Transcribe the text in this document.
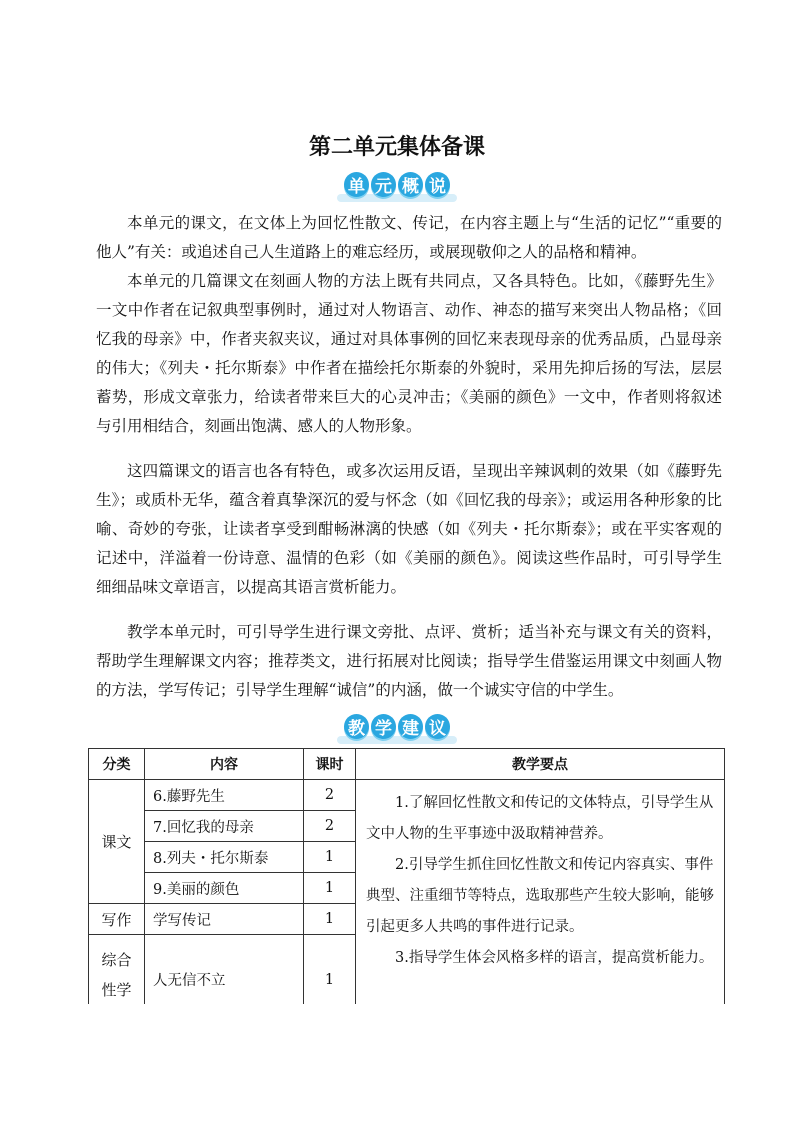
第二单元集体备课
单 元 概 说

本单元的课文，在文体上为回忆性散文、传记，在内容主题上与“生活的记忆”“重要的他人”有关：或追述自己人生道路上的难忘经历，或展现敬仰之人的品格和精神。

本单元的几篇课文在刻画人物的方法上既有共同点，又各具特色。比如，《藤野先生》一文中作者在记叙典型事例时，通过对人物语言、动作、神态的描写来突出人物品格；《回忆我的母亲》中，作者夹叙夹议，通过对具体事例的回忆来表现母亲的优秀品质，凸显母亲的伟大；《列夫・托尔斯泰》中作者在描绘托尔斯泰的外貌时，采用先抑后扬的写法，层层蓄势，形成文章张力，给读者带来巨大的心灵冲击；《美丽的颜色》一文中，作者则将叙述与引用相结合，刻画出饱满、感人的人物形象。

这四篇课文的语言也各有特色，或多次运用反语，呈现出辛辣讽刺的效果（如《藤野先生》；或质朴无华，蕴含着真挚深沉的爱与怀念（如《回忆我的母亲》；或运用各种形象的比喻、奇妙的夸张，让读者享受到酣畅淋漓的快感（如《列夫・托尔斯泰》；或在平实客观的记述中，洋溢着一份诗意、温情的色彩（如《美丽的颜色》。阅读这些作品时，可引导学生细细品味文章语言，以提高其语言赏析能力。

教学本单元时，可引导学生进行课文旁批、点评、赏析；适当补充与课文有关的资料，帮助学生理解课文内容；推荐类文，进行拓展对比阅读；指导学生借鉴运用课文中刻画人物的方法，学写传记；引导学生理解“诚信”的内涵，做一个诚实守信的中学生。

教 学 建 议
分类	内容	课时	教学要点
课文	6.藤野先生	2	1.了解回忆性散文和传记的文体特点，引导学生从文中人物的生平事迹中汲取精神营养。

2.引导学生抓住回忆性散文和传记内容真实、事件典型、注重细节等特点，选取那些产生较大影响，能够引起更多人共鸣的事件进行记录。

3.指导学生体会风格多样的语言，提高赏析能力。

	7.回忆我的母亲	2	
	8.列夫・托尔斯泰	1	
	9.美丽的颜色	1	
写作	学写传记	1	
综合性学	人无信不立	1	
